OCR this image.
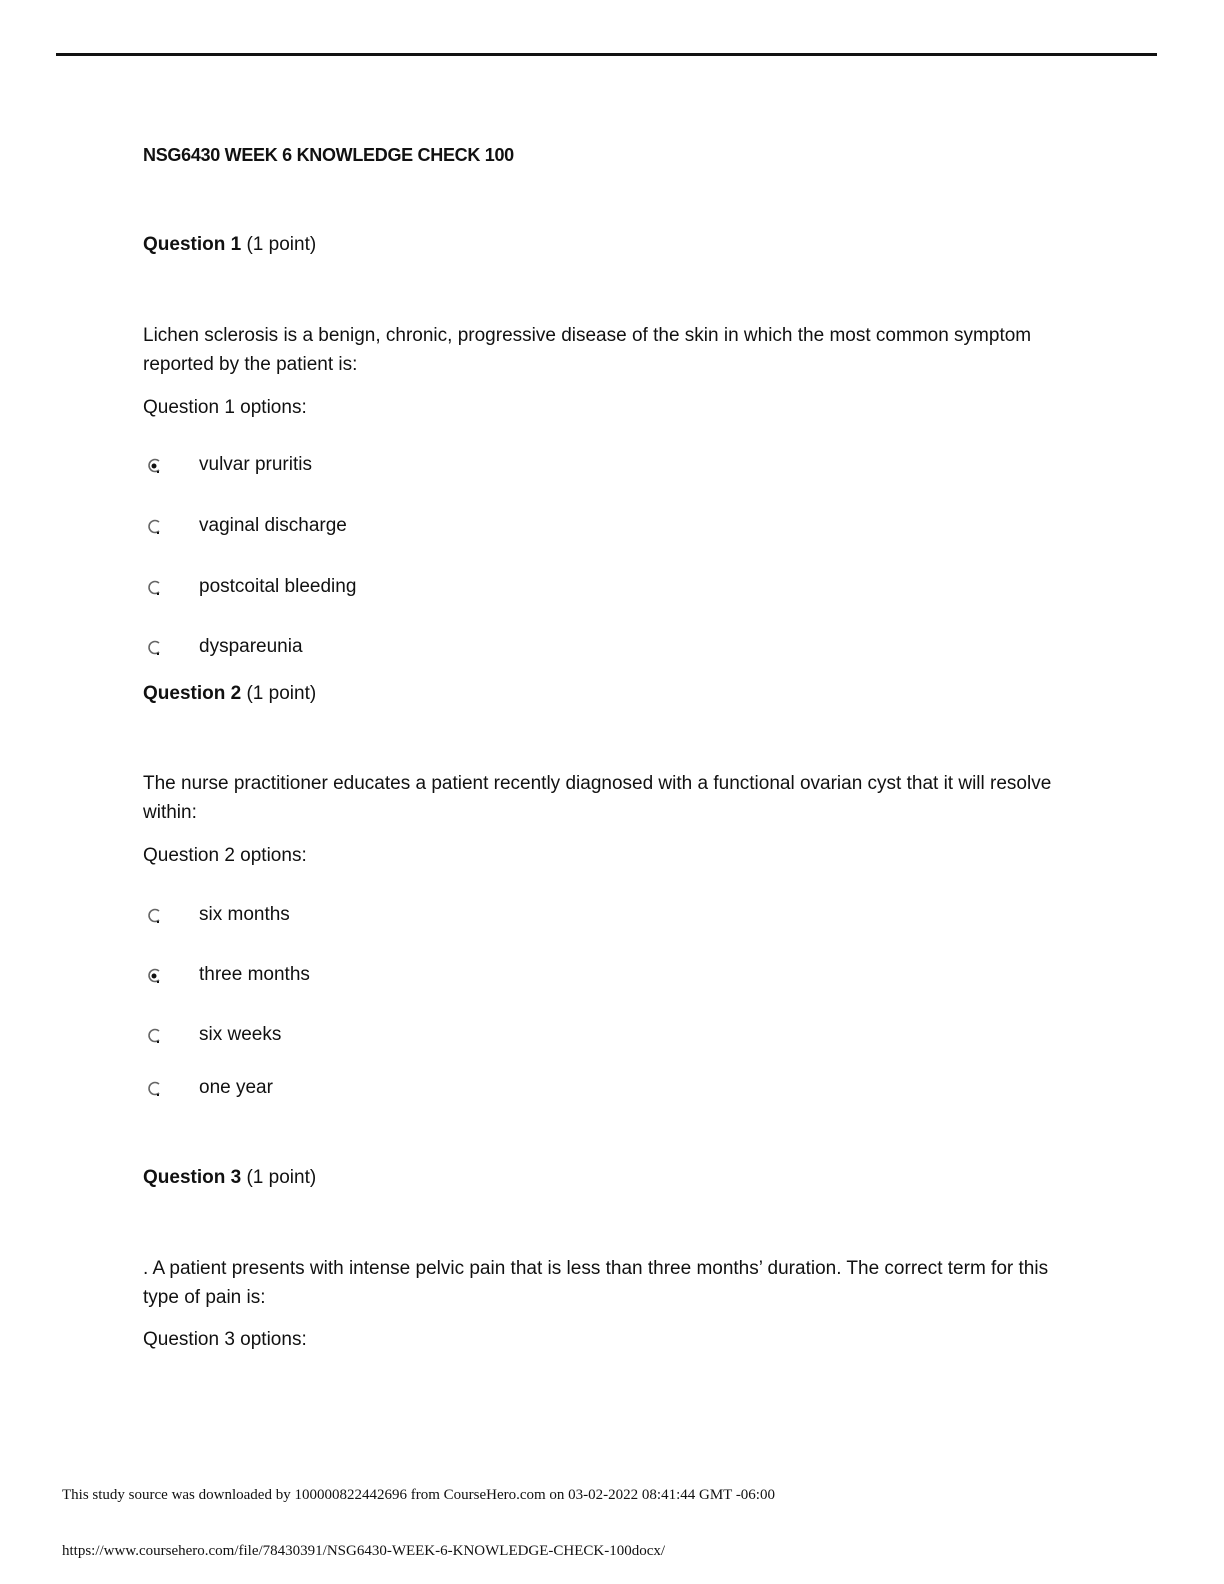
NSG6430 WEEK 6 KNOWLEDGE CHECK 100
Question 1 (1 point)
Lichen sclerosis is a benign, chronic, progressive disease of the skin in which the most common symptom reported by the patient is:
Question 1 options:
vulvar pruritis
vaginal discharge
postcoital bleeding
dyspareunia
Question 2 (1 point)
The nurse practitioner educates a patient recently diagnosed with a functional ovarian cyst that it will resolve within:
Question 2 options:
six months
three months
six weeks
one year
Question 3 (1 point)
. A patient presents with intense pelvic pain that is less than three months’ duration. The correct term for this type of pain is:
Question 3 options:
This study source was downloaded by 100000822442696 from CourseHero.com on 03-02-2022 08:41:44 GMT -06:00
https://www.coursehero.com/file/78430391/NSG6430-WEEK-6-KNOWLEDGE-CHECK-100docx/
